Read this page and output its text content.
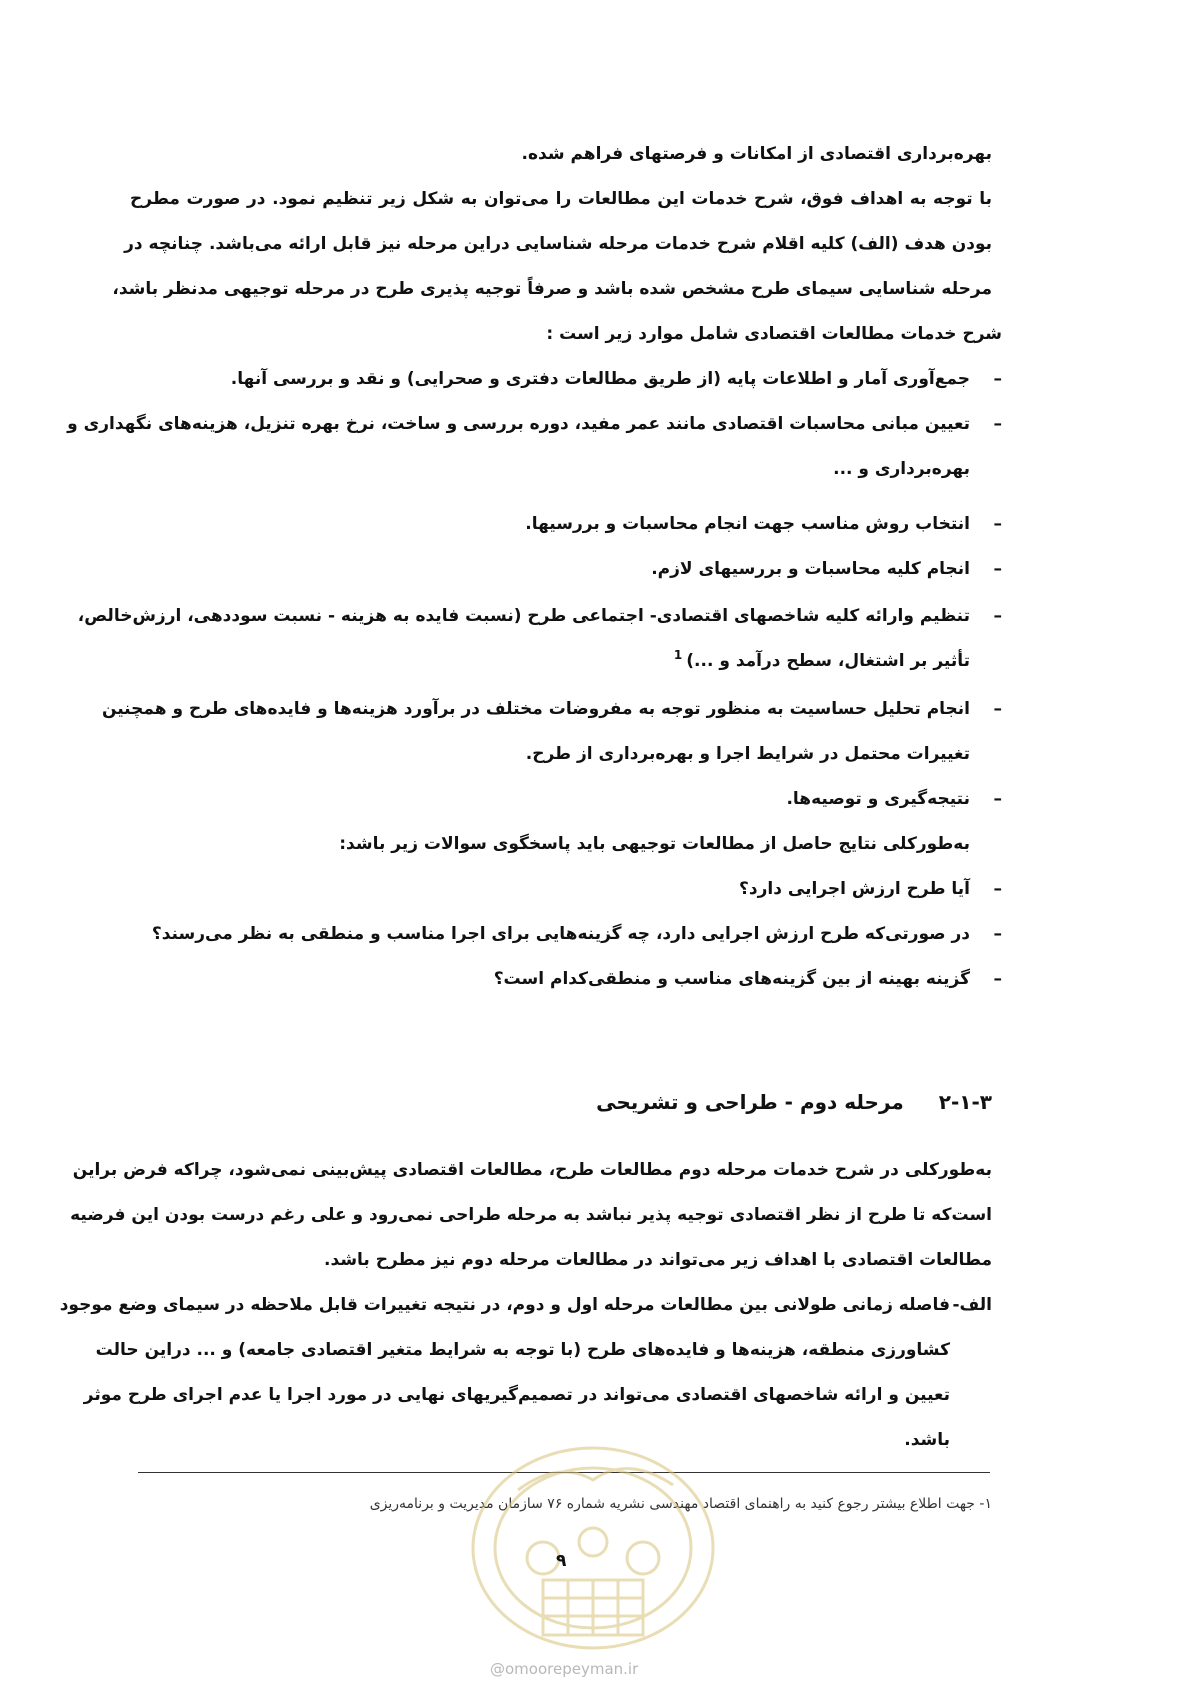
بهره‌برداری اقتصادی از امکانات و فرصتهای فراهم شده.
با توجه به اهداف فوق، شرح خدمات این مطالعات را می‌توان به شکل زیر تنظیم نمود. در صورت مطرح
بودن هدف (الف) کلیه اقلام شرح خدمات مرحله شناسایی دراین مرحله نیز قابل ارائه می‌باشد. چنانچه در
مرحله شناسایی سیمای طرح مشخص شده باشد و صرفاً توجیه پذیری طرح در مرحله توجیهی مدنظر باشد،
شرح خدمات مطالعات اقتصادی شامل موارد زیر است :
–
جمع‌آوری آمار و اطلاعات پایه (از طریق مطالعات دفتری و صحرایی) و نقد و بررسی آنها.
–
تعیین مبانی محاسبات اقتصادی مانند عمر مفید، دوره بررسی و ساخت، نرخ بهره تنزیل، هزینه‌های نگهداری و
بهره‌برداری و ...
–
انتخاب روش مناسب جهت انجام محاسبات و بررسیها.
–
انجام کلیه محاسبات و بررسیهای لازم.
–
تنظیم وارائه کلیه شاخصهای اقتصادی- اجتماعی طرح (نسبت فایده به هزینه - نسبت سوددهی، ارزش‌خالص،
تأثیر بر اشتغال، سطح درآمد و ...)$^1$
–
انجام تحلیل حساسیت به منظور توجه به مفروضات مختلف در برآورد هزینه‌ها و فایده‌های طرح و همچنین
تغییرات محتمل در شرایط اجرا و بهره‌برداری از طرح.
–
نتیجه‌گیری و توصیه‌ها.
به‌طورکلی نتایج حاصل از مطالعات توجیهی باید پاسخگوی سوالات زیر باشد:
–
آیا طرح ارزش اجرایی دارد؟
–
در صورتی‌که طرح ارزش اجرایی دارد، چه گزینه‌هایی برای اجرا مناسب و منطقی به نظر می‌رسند؟
–
گزینه بهینه از بین گزینه‌های مناسب و منطقی‌کدام است؟
۲-۱-۳ مرحله دوم - طراحی و تشریحی
به‌طورکلی در شرح خدمات مرحله دوم مطالعات طرح، مطالعات اقتصادی پیش‌بینی نمی‌شود، چراکه فرض براین
است‌که تا طرح از نظر اقتصادی توجیه پذیر نباشد به مرحله طراحی نمی‌رود و علی رغم درست بودن این فرضیه
مطالعات اقتصادی با اهداف زیر می‌تواند در مطالعات مرحله دوم نیز مطرح باشد.
الف-
فاصله زمانی طولانی بین مطالعات مرحله اول و دوم، در نتیجه تغییرات قابل ملاحظه در سیمای وضع موجود
کشاورزی منطقه، هزینه‌ها و فایده‌های طرح (با توجه به شرایط متغیر اقتصادی جامعه) و ... دراین حالت
تعیین و ارائه شاخصهای اقتصادی می‌تواند در تصمیم‌گیریهای نهایی در مورد اجرا یا عدم اجرای طرح موثر
باشد.
۱- جهت اطلاع بیشتر رجوع کنید به راهنمای اقتصاد مهندسی نشریه شماره ۷۶ سازمان مدیریت و برنامه‌ریزی
۹
@omoorepeyman.ir
